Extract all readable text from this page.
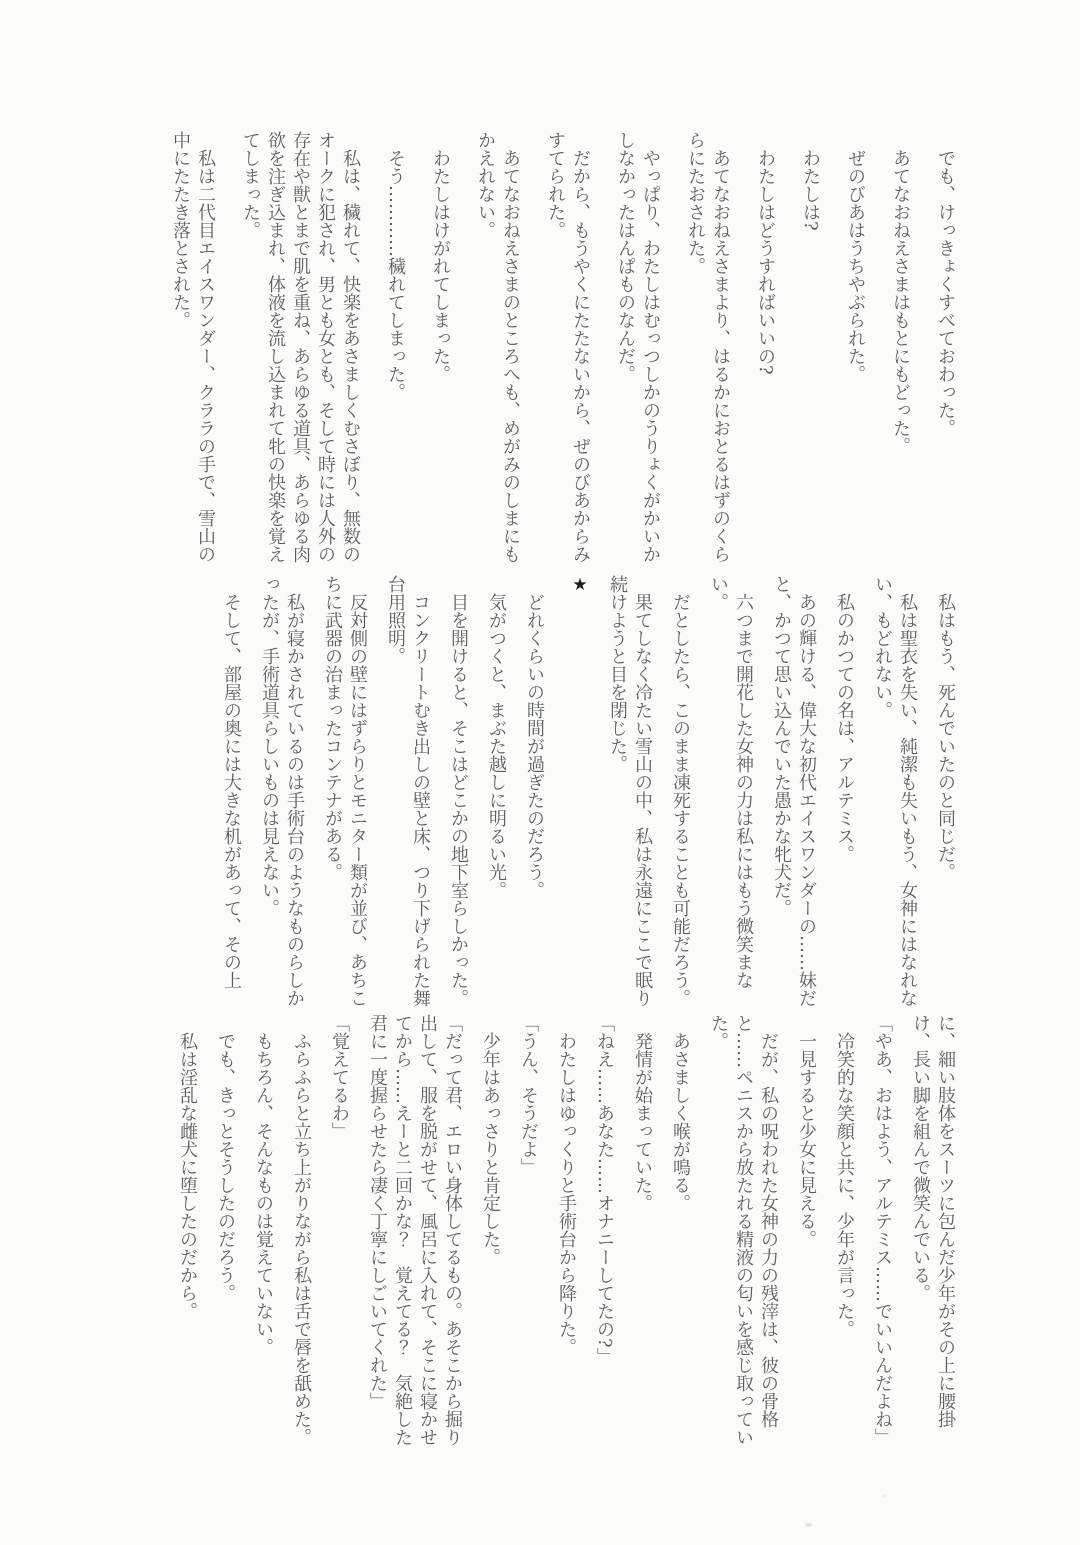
でも、けっきょくすべておわった。

あてなおねえさまはもとにもどった。

ぜのびあはうちやぶられた。

わたしは?

わたしはどうすればいいの?

あてなおねえさまより、はるかにおとるはずのくららにたおされた。

やっぱり、わたしはむっつしかのうりょくがかいかしなかったはんぱものなんだ。

だから、もうやくにたたないから、ぜのびあからみすてられた。

あてなおねえさまのところへも、めがみのしまにもかえれない。

わたしはけがれてしまった。

そう…………穢れてしまった。

私は、穢れて、快楽をあさましくむさぼり、無数のオークに犯され、男とも女とも、そして時には人外の存在や獣とまで肌を重ね、あらゆる道具、あらゆる肉欲を注ぎ込まれ、体液を流し込まれて牝の快楽を覚えてしまった。

私は二代目エイスワンダー、クララの手で、雪山の中にたたき落とされた。

私はもう、死んでいたのと同じだ。

私は聖衣を失い、純潔も失いもう、女神にはなれない、もどれない。

私のかつての名は、アルテミス。

あの輝ける、偉大な初代エイスワンダーの……妹だと、かつて思い込んでいた愚かな牝犬だ。

六つまで開花した女神の力は私にはもう微笑まない。

だとしたら、このまま凍死することも可能だろう。

果てしなく冷たい雪山の中、私は永遠にここで眠り続けようと目を閉じた。

★

どれくらいの時間が過ぎたのだろう。

気がつくと、まぶた越しに明るい光。

目を開けると、そこはどこかの地下室らしかった。

コンクリートむき出しの壁と床、つり下げられた舞台用照明。

反対側の壁にはずらりとモニター類が並び、あちこちに武器の治まったコンテナがある。

私が寝かされているのは手術台のようなものらしかったが、手術道具らしいものは見えない。

そして、部屋の奥には大きな机があって、その上

に、細い肢体をスーツに包んだ少年がその上に腰掛け、長い脚を組んで微笑んでいる。

「やあ、おはよう、アルテミス……でいいんだよね」

冷笑的な笑顔と共に、少年が言った。

一見すると少女に見える。

だが、私の呪われた女神の力の残滓は、彼の骨格と……ペニスから放たれる精液の匂いを感じ取っていた。

あさましく喉が鳴る。

発情が始まっていた。

「ねえ……あなた……オナニーしてたの?」

わたしはゆっくりと手術台から降りた。

「うん、そうだよ」

少年はあっさりと肯定した。

「だって君、エロい身体してるもの。あそこから掘り出して、服を脱がせて、風呂に入れて、そこに寝かせてから……えーと二回かな？　覚えてる？　気絶した君に一度握らせたら凄く丁寧にしごいてくれた」

「覚えてるわ」

ふらふらと立ち上がりながら私は舌で唇を舐めた。

もちろん、そんなものは覚えていない。

でも、きっとそうしたのだろう。

私は淫乱な雌犬に堕したのだから。
